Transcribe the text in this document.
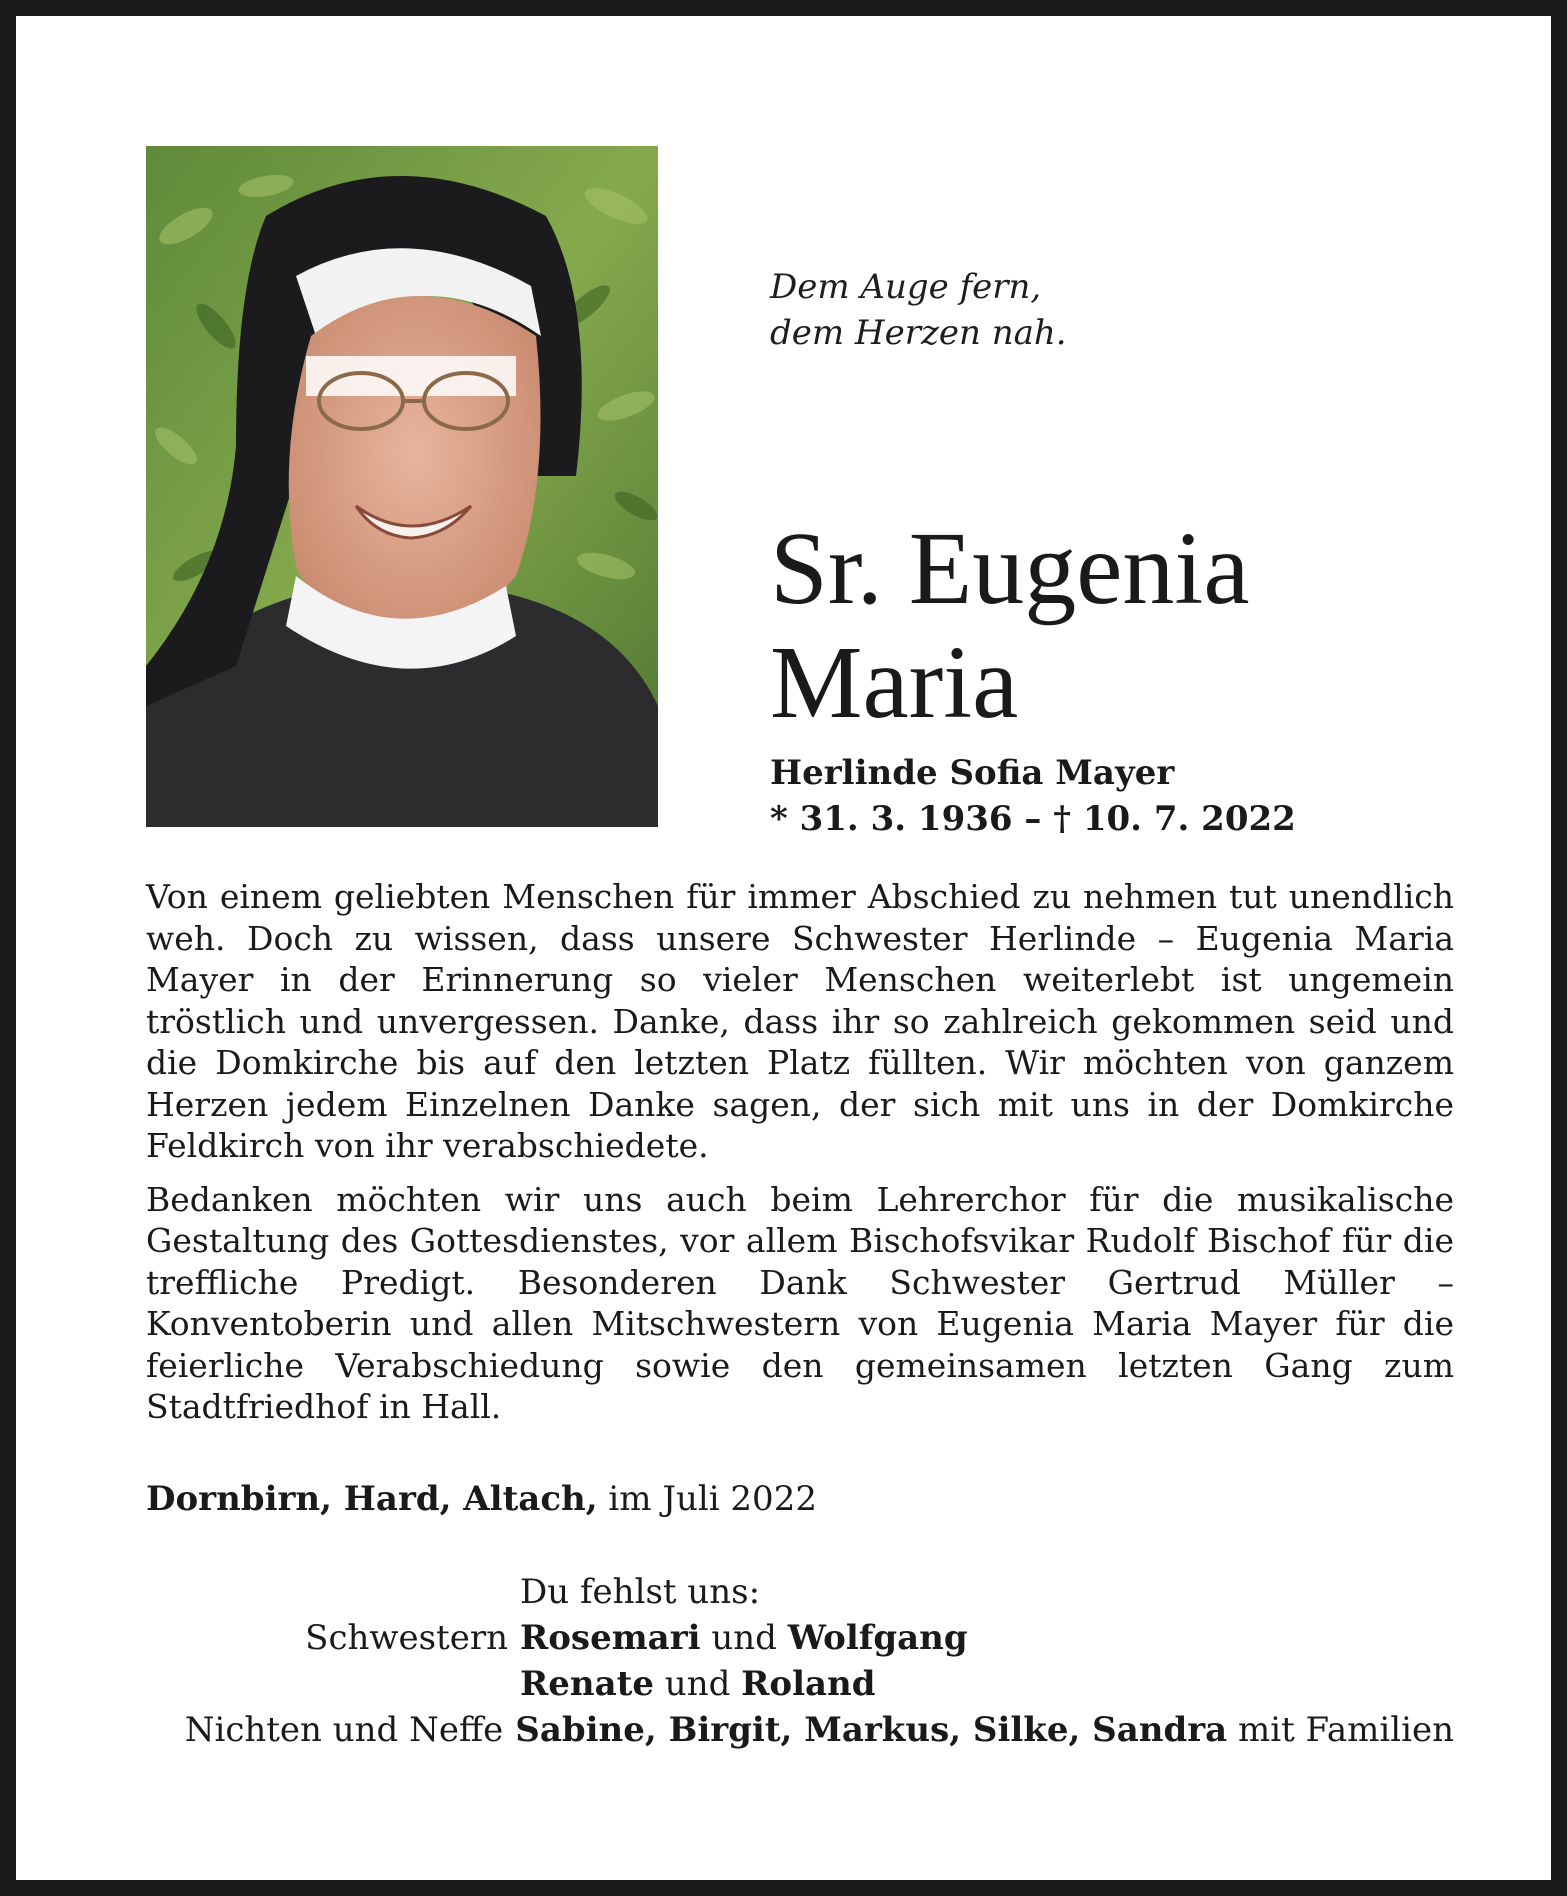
Dem Auge fern,
dem Herzen nah.
Sr. Eugenia
Maria
Herlinde Sofia Mayer
* 31. 3. 1936 – † 10. 7. 2022

Von einem geliebten Menschen für immer Abschied zu nehmen tut unendlich weh. Doch zu wissen, dass unsere Schwester Herlinde – Eugenia Maria Mayer in der Erinnerung so vieler Menschen weiterlebt ist ungemein tröstlich und unvergessen. Danke, dass ihr so zahlreich gekommen seid und die Domkirche bis auf den letzten Platz füllten. Wir möchten von ganzem Herzen jedem Einzelnen Danke sagen, der sich mit uns in der Domkirche Feldkirch von ihr verabschiedete.

Bedanken möchten wir uns auch beim Lehrerchor für die musikalische Gestaltung des Gottesdienstes, vor allem Bischofsvikar Rudolf Bischof für die treffliche Predigt. Besonderen Dank Schwester Gertrud Müller – Konventoberin und allen Mitschwestern von Eugenia Maria Mayer für die feierliche Verabschiedung sowie den gemeinsamen letzten Gang zum Stadtfriedhof in Hall.

Dornbirn, Hard, Altach, im Juli 2022
Du fehlst uns:
Schwestern Rosemari und Wolfgang
Renate und Roland
Nichten und Neffe Sabine, Birgit, Markus, Silke, Sandra mit Familien
